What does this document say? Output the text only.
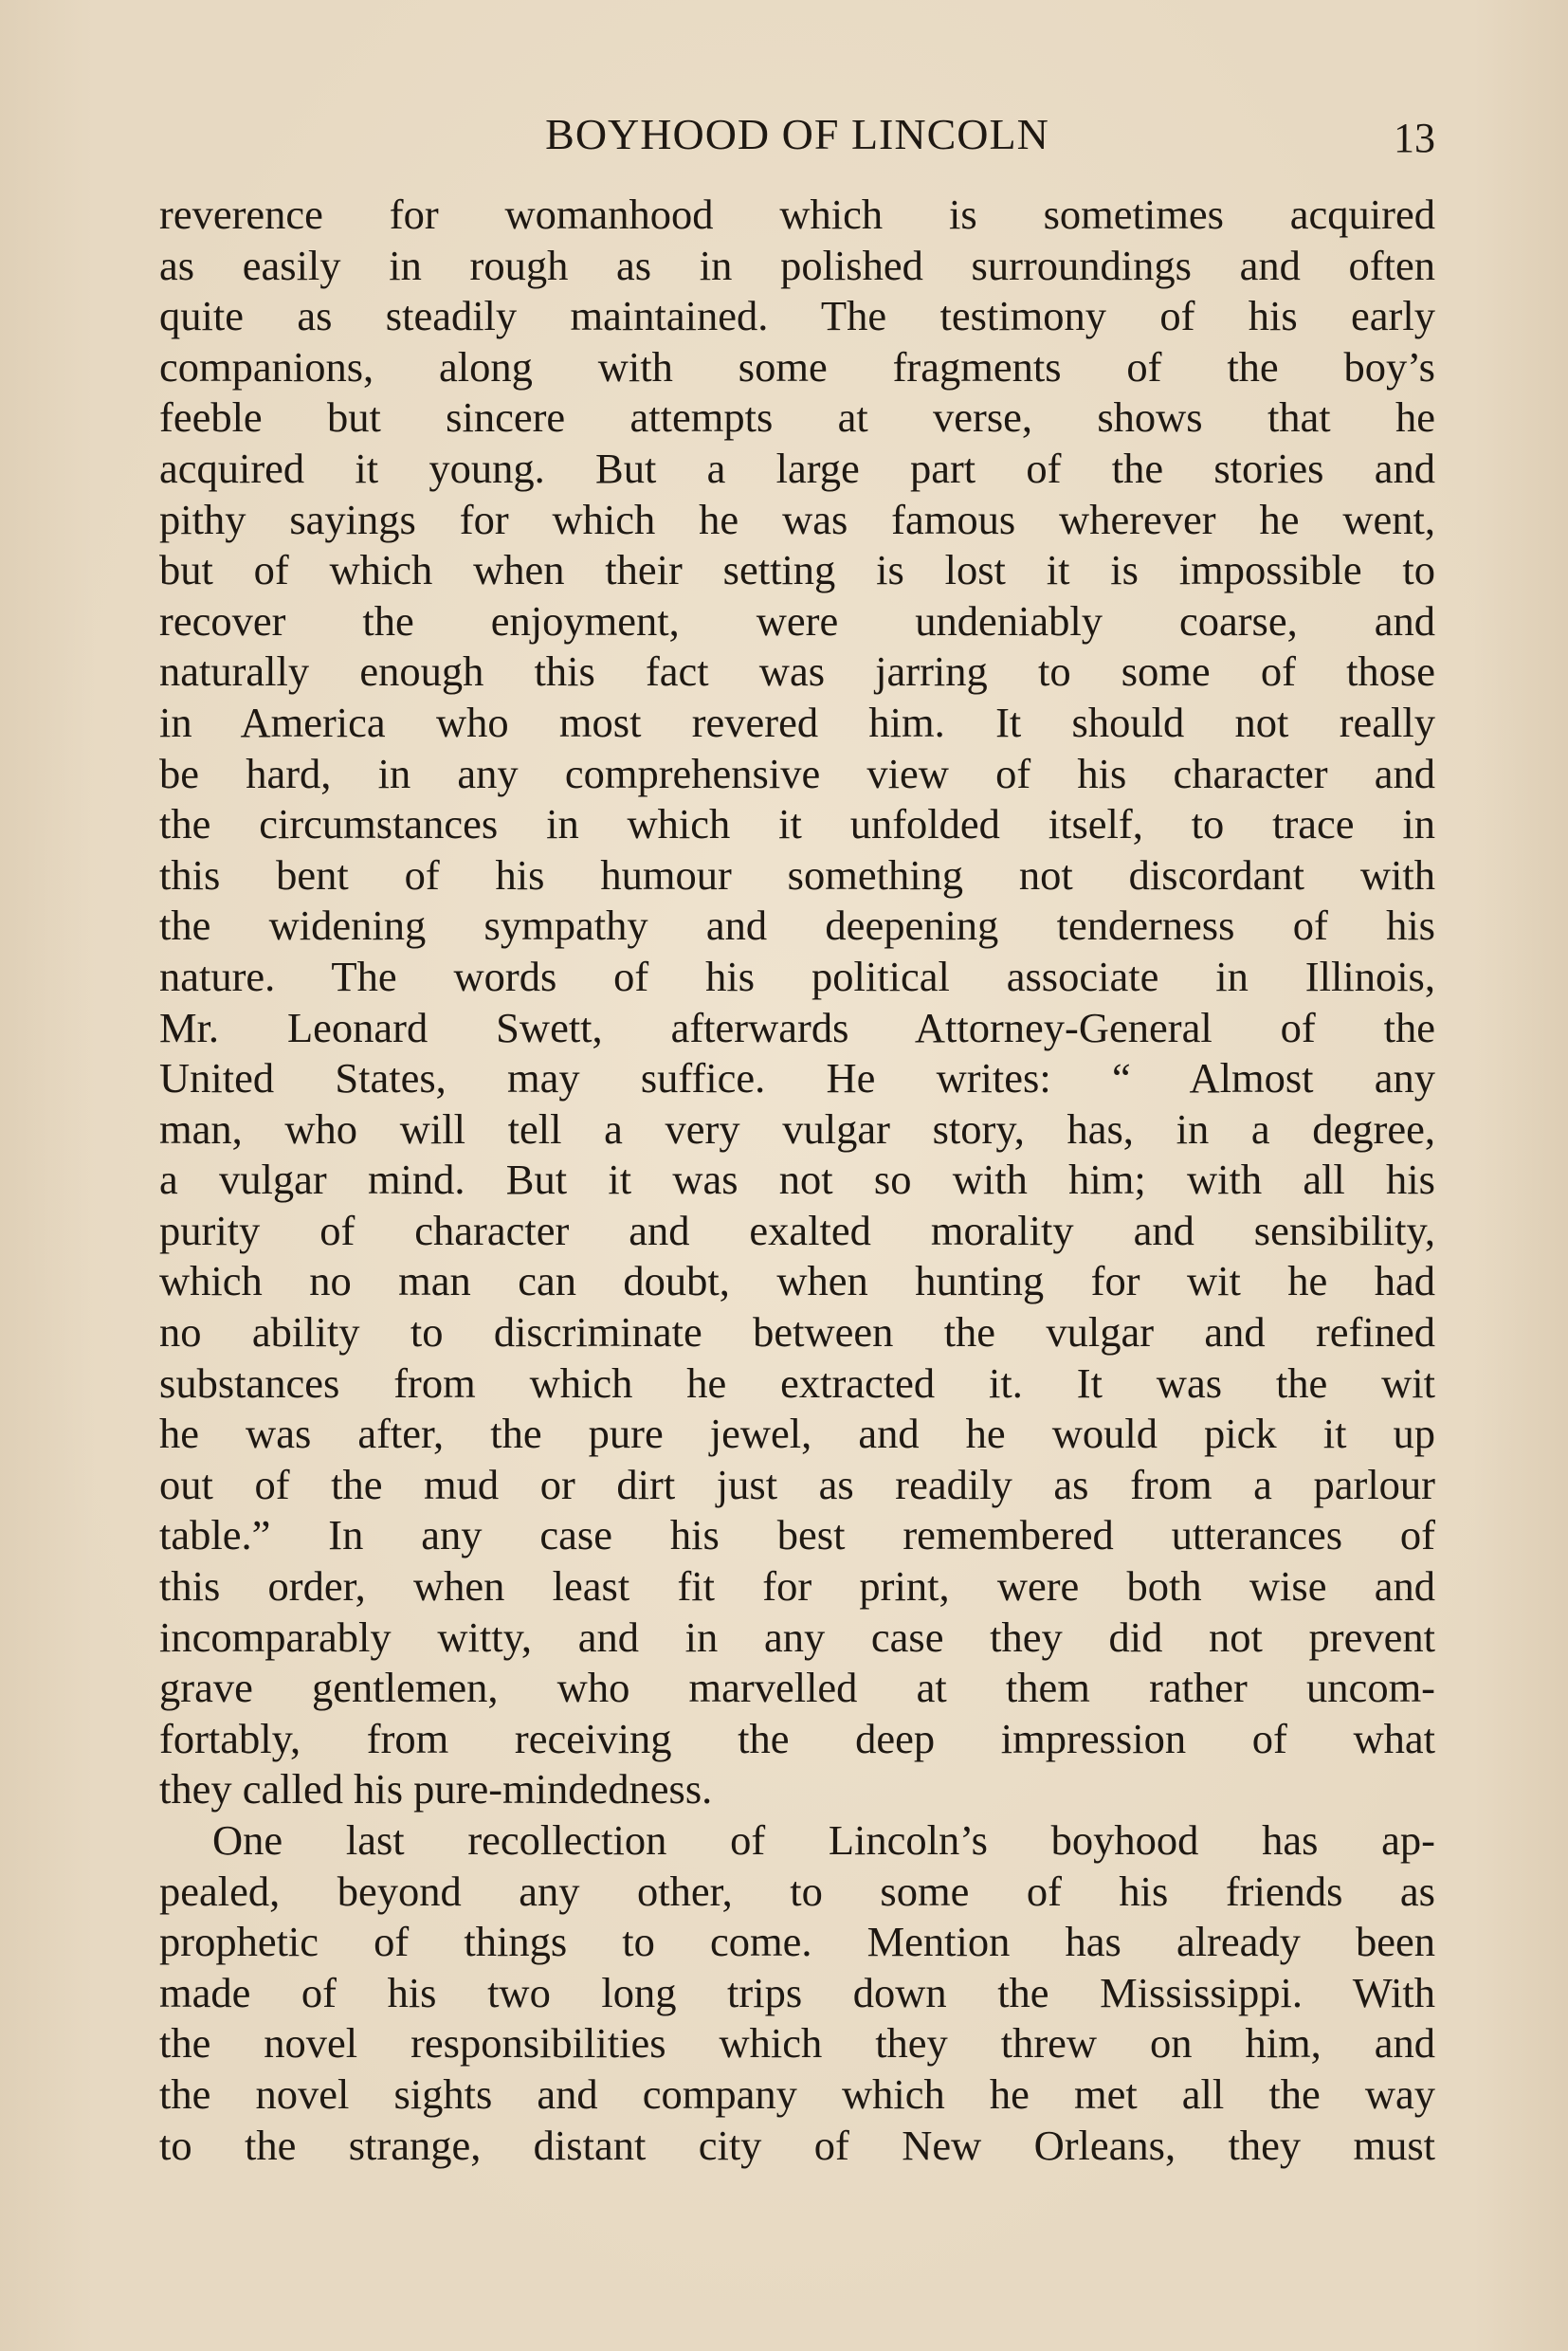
BOYHOOD OF LINCOLN	13
reverence for womanhood which is sometimes acquired
as easily in rough as in polished surroundings and often
quite as steadily maintained. The testimony of his early
companions, along with some fragments of the boy’s
feeble but sincere attempts at verse, shows that he
acquired it young. But a large part of the stories and
pithy sayings for which he was famous wherever he went,
but of which when their setting is lost it is impossible to
recover the enjoyment, were undeniably coarse, and
naturally enough this fact was jarring to some of those
in America who most revered him. It should not really
be hard, in any comprehensive view of his character and
the circumstances in which it unfolded itself, to trace in
this bent of his humour something not discordant with
the widening sympathy and deepening tenderness of his
nature. The words of his political associate in Illinois,
Mr. Leonard Swett, afterwards Attorney-General of the
United States, may suffice. He writes: “ Almost any
man, who will tell a very vulgar story, has, in a degree,
a vulgar mind. But it was not so with him; with all his
purity of character and exalted morality and sensibility,
which no man can doubt, when hunting for wit he had
no ability to discriminate between the vulgar and refined
substances from which he extracted it. It was the wit
he was after, the pure jewel, and he would pick it up
out of the mud or dirt just as readily as from a parlour
table.” In any case his best remembered utterances of
this order, when least fit for print, were both wise and
incomparably witty, and in any case they did not prevent
grave gentlemen, who marvelled at them rather uncom-
fortably, from receiving the deep impression of what
they called his pure-mindedness.
One last recollection of Lincoln’s boyhood has ap-
pealed, beyond any other, to some of his friends as
prophetic of things to come. Mention has already been
made of his two long trips down the Mississippi. With
the novel responsibilities which they threw on him, and
the novel sights and company which he met all the way
to the strange, distant city of New Orleans, they must
